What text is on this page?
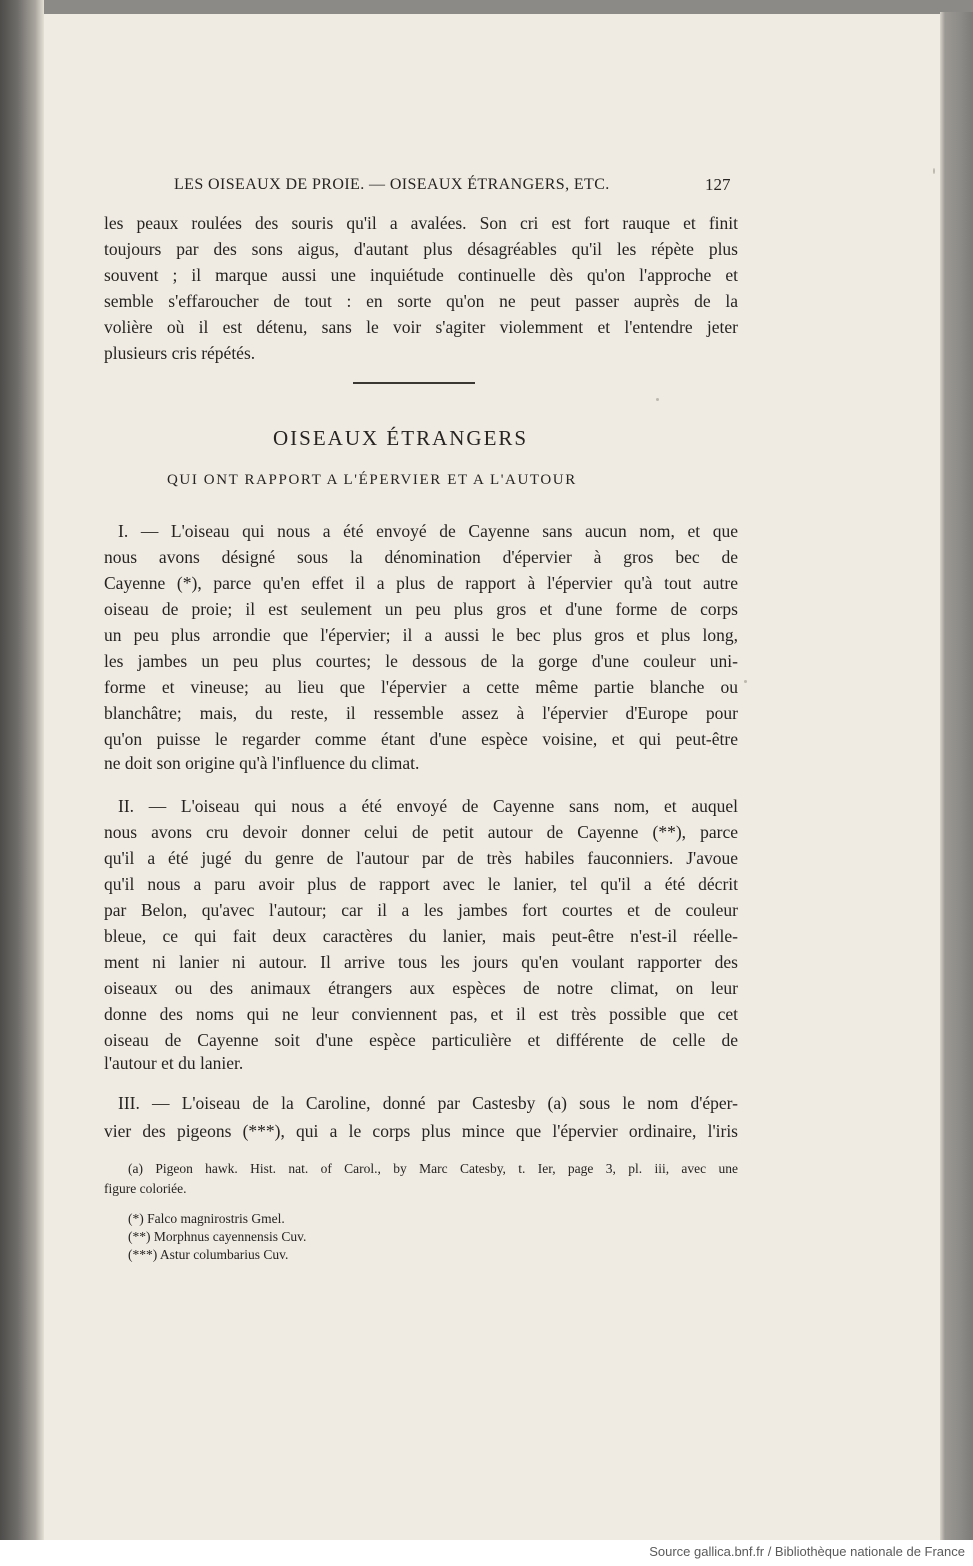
LES OISEAUX DE PROIE. — OISEAUX ÉTRANGERS, ETC.	127
les peaux roulées des souris qu'il a avalées. Son cri est fort rauque et finit
toujours par des sons aigus, d'autant plus désagréables qu'il les répète plus
souvent ; il marque aussi une inquiétude continuelle dès qu'on l'approche et
semble s'effaroucher de tout : en sorte qu'on ne peut passer auprès de la
volière où il est détenu, sans le voir s'agiter violemment et l'entendre jeter
plusieurs cris répétés.
OISEAUX ÉTRANGERS
QUI ONT RAPPORT A L'ÉPERVIER ET A L'AUTOUR
I. — L'oiseau qui nous a été envoyé de Cayenne sans aucun nom, et que
nous avons désigné sous la dénomination d'épervier à gros bec de
Cayenne (*), parce qu'en effet il a plus de rapport à l'épervier qu'à tout autre
oiseau de proie; il est seulement un peu plus gros et d'une forme de corps
un peu plus arrondie que l'épervier; il a aussi le bec plus gros et plus long,
les jambes un peu plus courtes; le dessous de la gorge d'une couleur uni-
forme et vineuse; au lieu que l'épervier a cette même partie blanche ou
blanchâtre; mais, du reste, il ressemble assez à l'épervier d'Europe pour
qu'on puisse le regarder comme étant d'une espèce voisine, et qui peut-être
ne doit son origine qu'à l'influence du climat.
II. — L'oiseau qui nous a été envoyé de Cayenne sans nom, et auquel
nous avons cru devoir donner celui de petit autour de Cayenne (**), parce
qu'il a été jugé du genre de l'autour par de très habiles fauconniers. J'avoue
qu'il nous a paru avoir plus de rapport avec le lanier, tel qu'il a été décrit
par Belon, qu'avec l'autour; car il a les jambes fort courtes et de couleur
bleue, ce qui fait deux caractères du lanier, mais peut-être n'est-il réelle-
ment ni lanier ni autour. Il arrive tous les jours qu'en voulant rapporter des
oiseaux ou des animaux étrangers aux espèces de notre climat, on leur
donne des noms qui ne leur conviennent pas, et il est très possible que cet
oiseau de Cayenne soit d'une espèce particulière et différente de celle de
l'autour et du lanier.
III. — L'oiseau de la Caroline, donné par Castesby (a) sous le nom d'éper-
vier des pigeons (***), qui a le corps plus mince que l'épervier ordinaire, l'iris
(a) Pigeon hawk. Hist. nat. of Carol., by Marc Catesby, t. Ier, page 3, pl. iii, avec une
figure coloriée.
(*) Falco magnirostris Gmel.
(**) Morphnus cayennensis Cuv.
(***) Astur columbarius Cuv.
Source gallica.bnf.fr / Bibliothèque nationale de France
